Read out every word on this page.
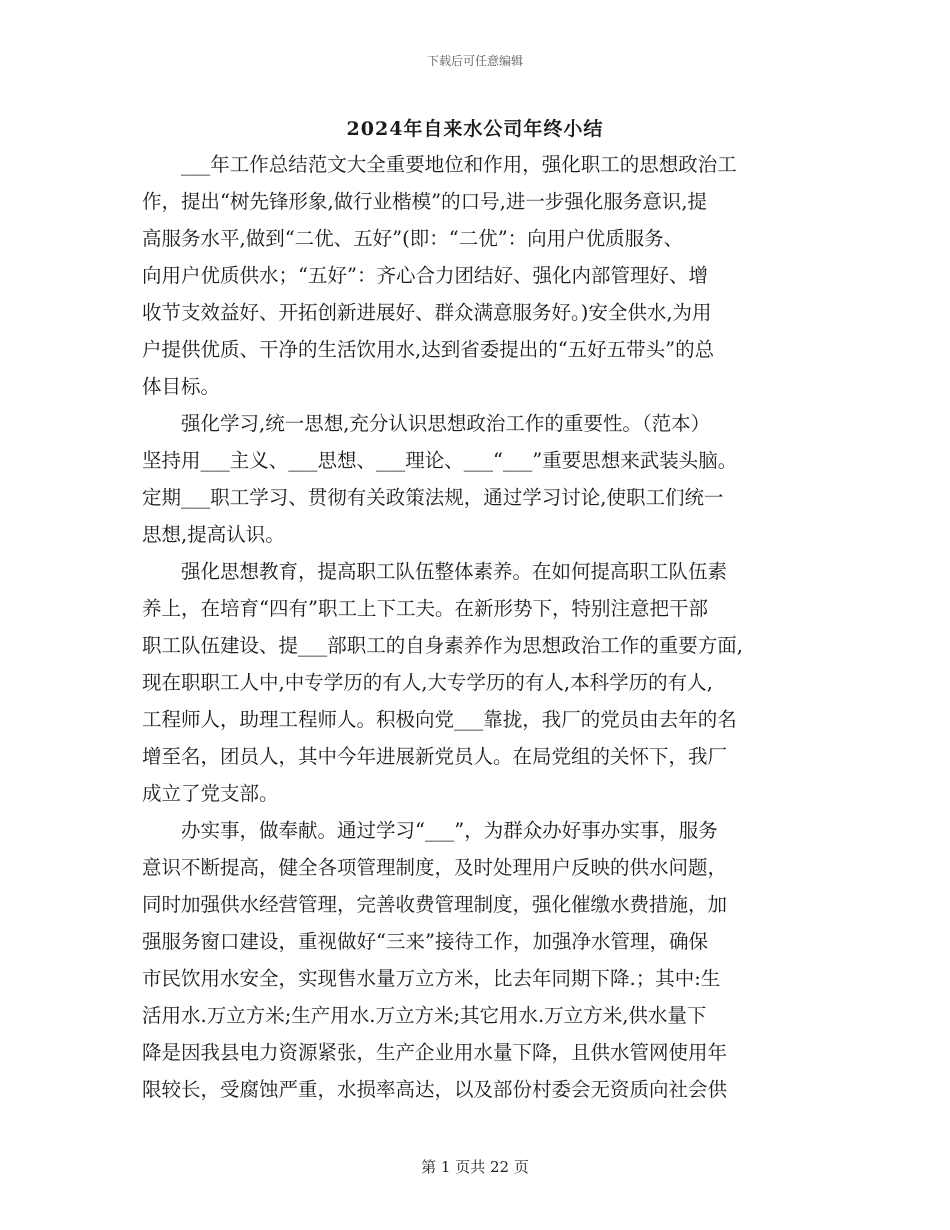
下载后可任意编辑
2024年自来水公司年终小结

　　___年工作总结范文大全重要地位和作用，强化职工的思想政治工
作，提出“树先锋形象,做行业楷模”的口号,进一步强化服务意识,提
高服务水平,做到“二优、五好”(即：“二优”：向用户优质服务、
向用户优质供水；“五好”：齐心合力团结好、强化内部管理好、增
收节支效益好、开拓创新进展好、群众满意服务好。)安全供水,为用
户提供优质、干净的生活饮用水,达到省委提出的“五好五带头”的总
体目标。

　　强化学习,统一思想,充分认识思想政治工作的重要性。（范本）
坚持用___主义、___思想、___理论、___“___”重要思想来武装头脑。
定期___职工学习、贯彻有关政策法规，通过学习讨论,使职工们统一
思想,提高认识。

　　强化思想教育，提高职工队伍整体素养。在如何提高职工队伍素
养上，在培育“四有”职工上下工夫。在新形势下，特别注意把干部
职工队伍建设、提___部职工的自身素养作为思想政治工作的重要方面,
现在职职工人中,中专学历的有人,大专学历的有人,本科学历的有人,
工程师人，助理工程师人。积极向党___靠拢，我厂的党员由去年的名
增至名，团员人，其中今年进展新党员人。在局党组的关怀下，我厂
成立了党支部。

　　办实事，做奉献。通过学习“___”，为群众办好事办实事，服务
意识不断提高，健全各项管理制度，及时处理用户反映的供水问题，
同时加强供水经营管理，完善收费管理制度，强化催缴水费措施，加
强服务窗口建设，重视做好“三来”接待工作，加强净水管理，确保
市民饮用水安全，实现售水量万立方米，比去年同期下降.；其中:生
活用水.万立方米;生产用水.万立方米;其它用水.万立方米,供水量下
降是因我县电力资源紧张，生产企业用水量下降，且供水管网使用年
限较长，受腐蚀严重，水损率高达，以及部份村委会无资质向社会供

第 1 页共 22 页
